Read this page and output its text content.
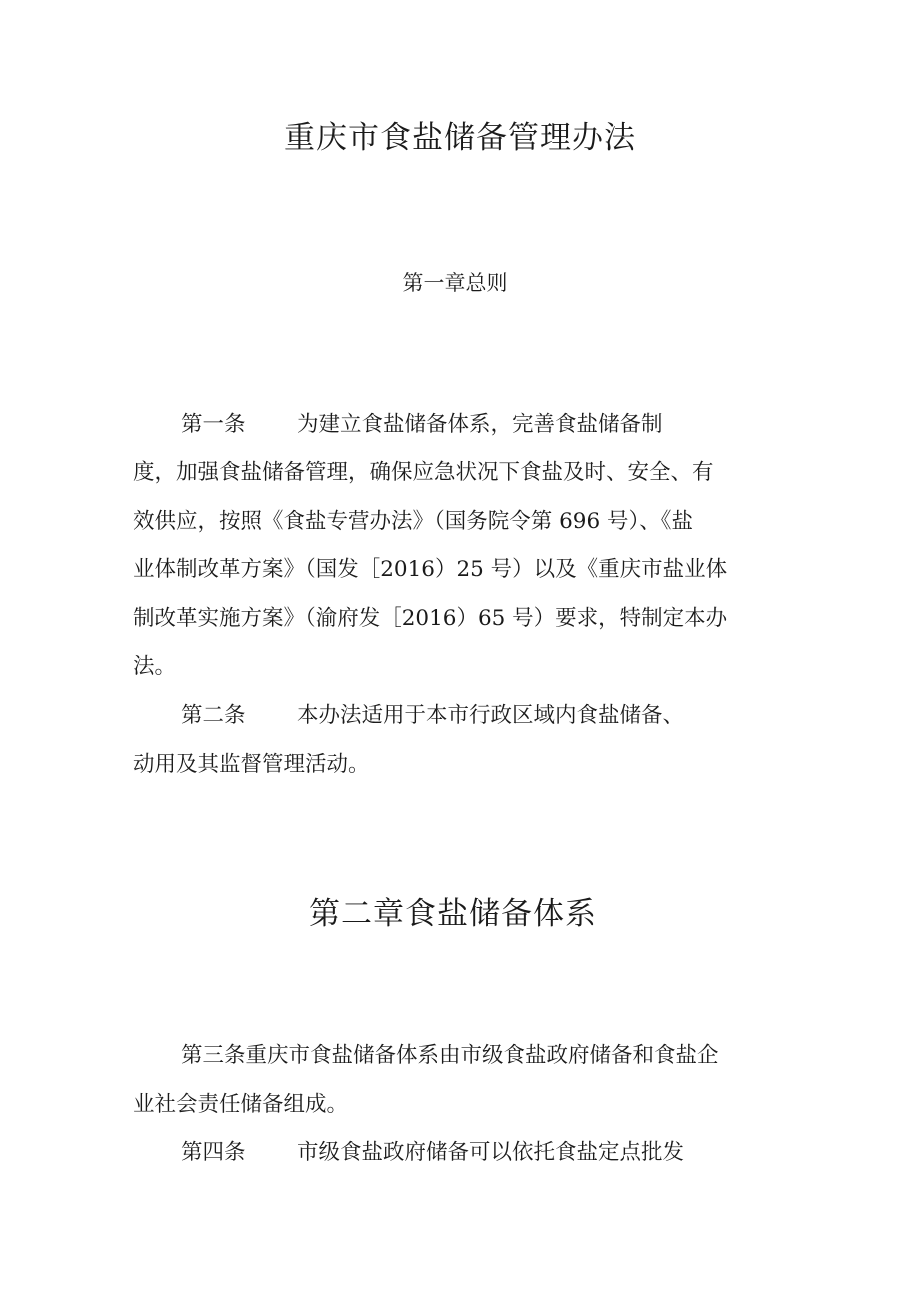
重庆市食盐储备管理办法
第一章总则
第一条 为建立食盐储备体系，完善食盐储备制
度，加强食盐储备管理，确保应急状况下食盐及时、安全、有
效供应，按照《食盐专营办法》（国务院令第 696 号）、《盐
业体制改革方案》（国发［2016）25 号）以及《重庆市盐业体
制改革实施方案》（渝府发［2016）65 号）要求，特制定本办
法。
第二条 本办法适用于本市行政区域内食盐储备、
动用及其监督管理活动。
第二章食盐储备体系
第三条重庆市食盐储备体系由市级食盐政府储备和食盐企
业社会责任储备组成。
第四条 市级食盐政府储备可以依托食盐定点批发
